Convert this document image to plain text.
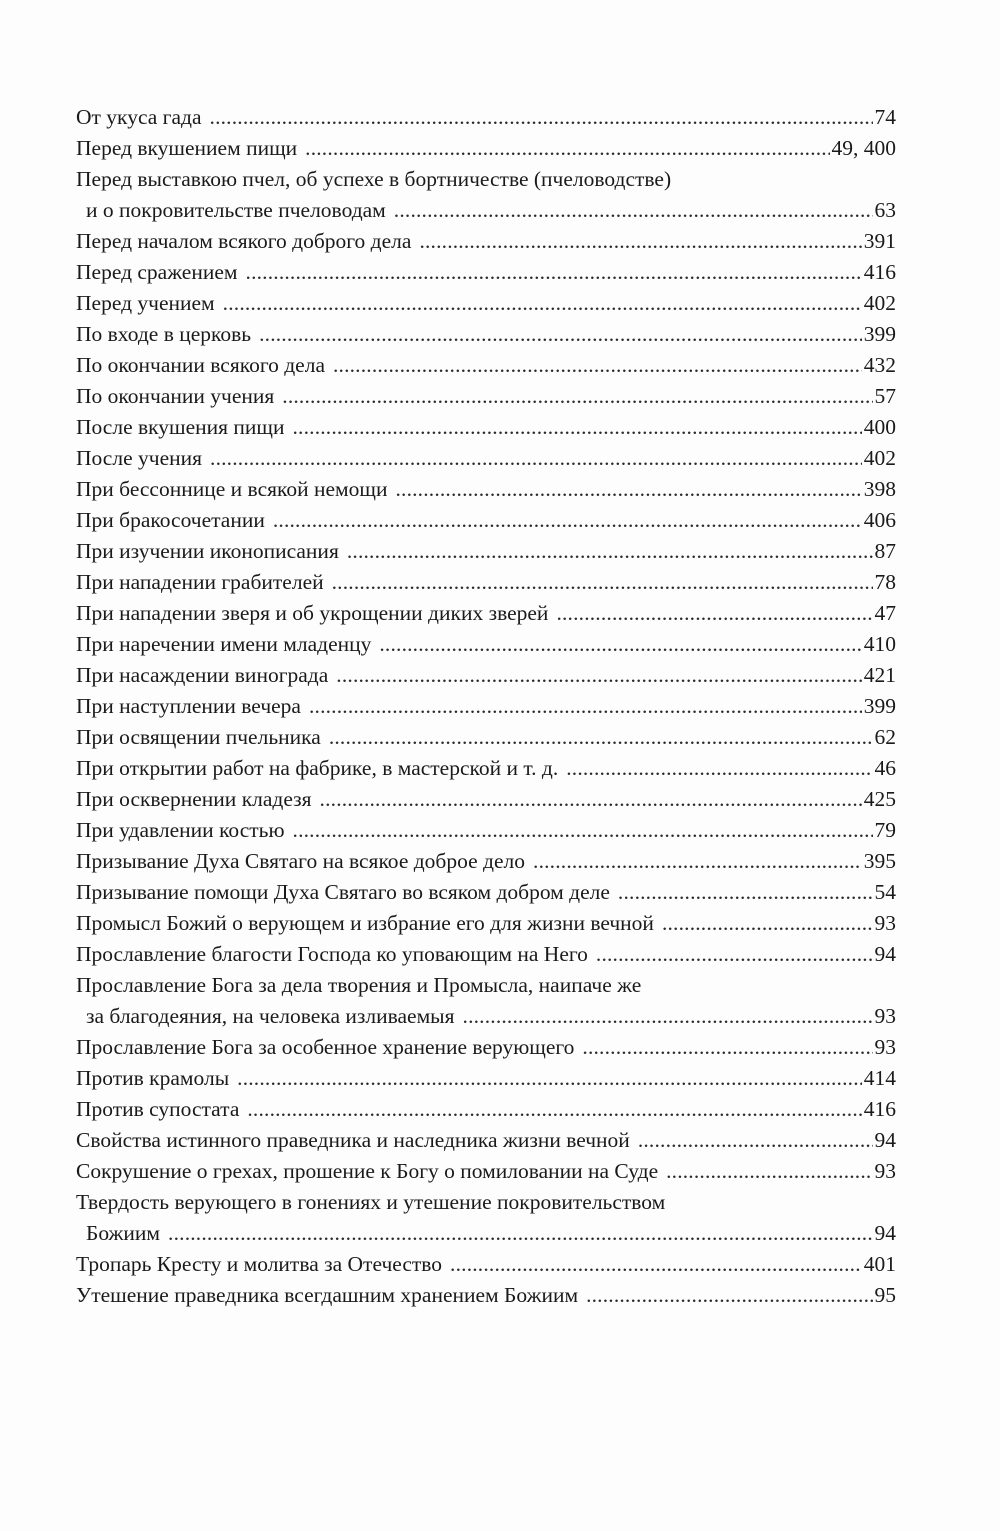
От укуса гада . . .	74
Перед вкушением пищи . . .	49, 400
Перед выставкою пчел, об успехе в бортничестве (пчеловодстве)
и о покровительстве пчеловодам . . .	63
Перед началом всякого доброго дела . . .	391
Перед сражением . . .	416
Перед учением . . .	402
По входе в церковь . . .	399
По окончании всякого дела . . .	432
По окончании учения . . .	57
После вкушения пищи . . .	400
После учения . . .	402
При бессоннице и всякой немощи . . .	398
При бракосочетании . . .	406
При изучении иконописания . . .	87
При нападении грабителей . . .	78
При нападении зверя и об укрощении диких зверей . . .	47
При наречении имени младенцу . . .	410
При насаждении винограда . . .	421
При наступлении вечера . . .	399
При освящении пчельника . . .	62
При открытии работ на фабрике, в мастерской и т. д. . . .	46
При осквернении кладезя . . .	425
При удавлении костью . . .	79
Призывание Духа Святаго на всякое доброе дело . . .	395
Призывание помощи Духа Святаго во всяком добром деле . . .	54
Промысл Божий о верующем и избрание его для жизни вечной . . .	93
Прославление благости Господа ко уповающим на Него . . .	94
Прославление Бога за дела творения и Промысла, наипаче же
за благодеяния, на человека изливаемыя . . .	93
Прославление Бога за особенное хранение верующего . . .	93
Против крамолы . . .	414
Против супостата . . .	416
Свойства истинного праведника и наследника жизни вечной . . .	94
Сокрушение о грехах, прошение к Богу о помиловании на Суде . . .	93
Твердость верующего в гонениях и утешение покровительством
Божиим . . .	94
Тропарь Кресту и молитва за Отечество . . .	401
Утешение праведника всегдашним хранением Божиим . . .	95
